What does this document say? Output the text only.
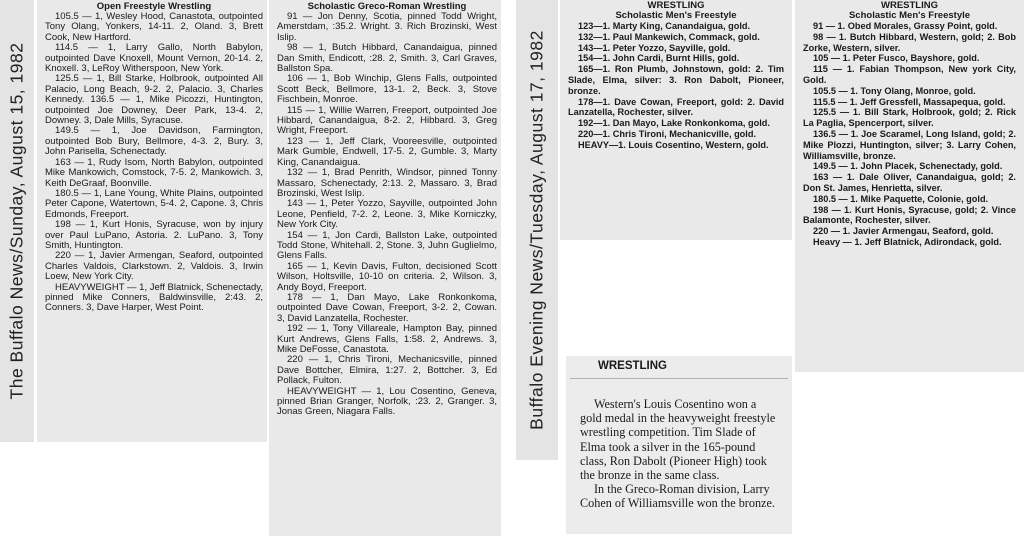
The Buffalo News/Sunday, August 15, 1982
Open Freestyle Wrestling

105.5 — 1, Wesley Hood, Canastota, outpointed Tony Olang, Yonkers, 14-11. 2, Oland. 3, Brett Cook, New Hartford.

114.5 — 1, Larry Gallo, North Babylon, outpointed Dave Knoxell, Mount Vernon, 20-14. 2, Knoxell. 3, LeRoy Witherspoon, New York.

125.5 — 1, Bill Starke, Holbrook, outpointed All Palacio, Long Beach, 9-2. 2, Palacio. 3, Charles Kennedy. 136.5 — 1, Mike Picozzi, Huntington, outpointed Joe Downey, Deer Park, 13-4. 2, Downey. 3, Dale Mills, Syracuse.

149.5 — 1, Joe Davidson, Farmington, outpointed Bob Bury, Bellmore, 4-3. 2, Bury. 3, John Parisella, Schenectady.

163 — 1, Rudy Isom, North Babylon, outpointed Mike Mankowich, Comstock, 7-5. 2, Mankowich. 3, Keith DeGraaf, Boonville.

180.5 — 1, Lane Young, White Plains, outpointed Peter Capone, Watertown, 5-4. 2, Capone. 3, Chris Edmonds, Freeport.

198 — 1, Kurt Honis, Syracuse, won by injury over Paul LuPano, Astoria. 2. LuPano. 3, Tony Smith, Huntington.

220 — 1, Javier Armengan, Seaford, outpointed Charles Valdois, Clarkstown. 2, Valdois. 3, Irwin Loew, New York City.

HEAVYWEIGHT — 1, Jeff Blatnick, Schenectady, pinned Mike Conners, Baldwinsville, 2:43. 2, Conners. 3, Dave Harper, West Point.

Scholastic Greco-Roman Wrestling

91 — Jon Denny, Scotia, pinned Todd Wright, Amerstdam, :35.2. Wright. 3. Rich Brozinski, West Islip.

98 — 1, Butch Hibbard, Canandaigua, pinned Dan Smith, Endicott, :28. 2, Smith. 3, Carl Graves, Ballston Spa.

106 — 1, Bob Winchip, Glens Falls, outpointed Scott Beck, Bellmore, 13-1. 2, Beck. 3, Stove Fischbein, Monroe.

115 — 1, Willie Warren, Freeport, outpointed Joe Hibbard, Canandaigua, 8-2. 2, Hibbard. 3, Greg Wright, Freeport.

123 — 1, Jeff Clark, Vooreesville, outpointed Mark Gumble, Endwell, 17-5. 2, Gumble. 3, Marty King, Canandaigua.

132 — 1, Brad Penrith, Windsor, pinned Tonny Massaro, Schenectady, 2:13. 2, Massaro. 3, Brad Brozinski, West Islip.

143 — 1, Peter Yozzo, Sayville, outpointed John Leone, Penfield, 7-2. 2, Leone. 3, Mike Korniczky, New York City.

154 — 1, Jon Cardi, Ballston Lake, outpointed Todd Stone, Whitehall. 2, Stone. 3, Juhn Guglielmo, Glens Falls.

165 — 1, Kevin Davis, Fulton, decisioned Scott Wilson, Holtsville, 10-10 on criteria. 2, Wilson. 3, Andy Boyd, Freeport.

178 — 1, Dan Mayo, Lake Ronkonkoma, outpointed Dave Cowan, Freeport, 3-2. 2, Cowan. 3, David Lanzatella, Rochester.

192 — 1, Tony Villareale, Hampton Bay, pinned Kurt Andrews, Glens Falls, 1:58. 2, Andrews. 3, Mike DeFosse, Canastota.

220 — 1, Chris Tironi, Mechanicsville, pinned Dave Bottcher, Elmira, 1:27. 2, Bottcher. 3, Ed Pollack, Fulton.

HEAVYWEIGHT — 1, Lou Cosentino, Geneva, pinned Brian Granger, Norfolk, :23. 2, Granger. 3, Jonas Green, Niagara Falls.	Buffalo Evening News/Tuesday, August 17, 1982
WRESTLING
Scholastic Men's Freestyle

123—1. Marty King, Canandaigua, gold.

132—1. Paul Mankewich, Commack, gold.

143—1. Peter Yozzo, Sayville, gold.

154—1. John Cardi, Burnt Hills, gold.

165—1. Ron Plumb, Johnstown, gold: 2. Tim Slade, Elma, silver: 3. Ron Dabolt, Pioneer, bronze.

178—1. Dave Cowan, Freeport, gold: 2. David Lanzatella, Rochester, silver.

192—1. Dan Mayo, Lake Ronkonkoma, gold.

220—1. Chris Tironi, Mechanicville, gold.

HEAVY—1. Louis Cosentino, Western, gold.

WRESTLING
Scholastic Men's Freestyle

91 — 1. Obed Morales, Grassy Point, gold.

98 — 1. Butch Hibbard, Western, gold; 2. Bob Zorke, Western, silver.

105 — 1. Peter Fusco, Bayshore, gold.

115 — 1. Fabian Thompson, New york City, Gold.

105.5 — 1. Tony Olang, Monroe, gold.

115.5 — 1. Jeff Gressfell, Massapequa, gold.

125.5 — 1. Bill Stark, Holbrook, gold; 2. Rick La Paglia, Spencerport, silver.

136.5 — 1. Joe Scaramel, Long Island, gold; 2. Mike Plozzi, Huntington, silver; 3. Larry Cohen, Williamsville, bronze.

149.5 — 1. John Placek, Schenectady, gold.

163 — 1. Dale Oliver, Canandaigua, gold; 2. Don St. James, Henrietta, silver.

180.5 — 1. Mike Paquette, Colonie, gold.

198 — 1. Kurt Honis, Syracuse, gold; 2. Vince Balamonte, Rochester, silver.

220 — 1. Javier Armengau, Seaford, gold.

Heavy — 1. Jeff Blatnick, Adirondack, gold.

WRESTLING

Western's Louis Cosentino won a gold medal in the heavyweight freestyle wrestling competition. Tim Slade of Elma took a silver in the 165-pound class, Ron Dabolt (Pioneer High) took the bronze in the same class.

In the Greco-Roman division, Larry Cohen of Williamsville won the bronze.
